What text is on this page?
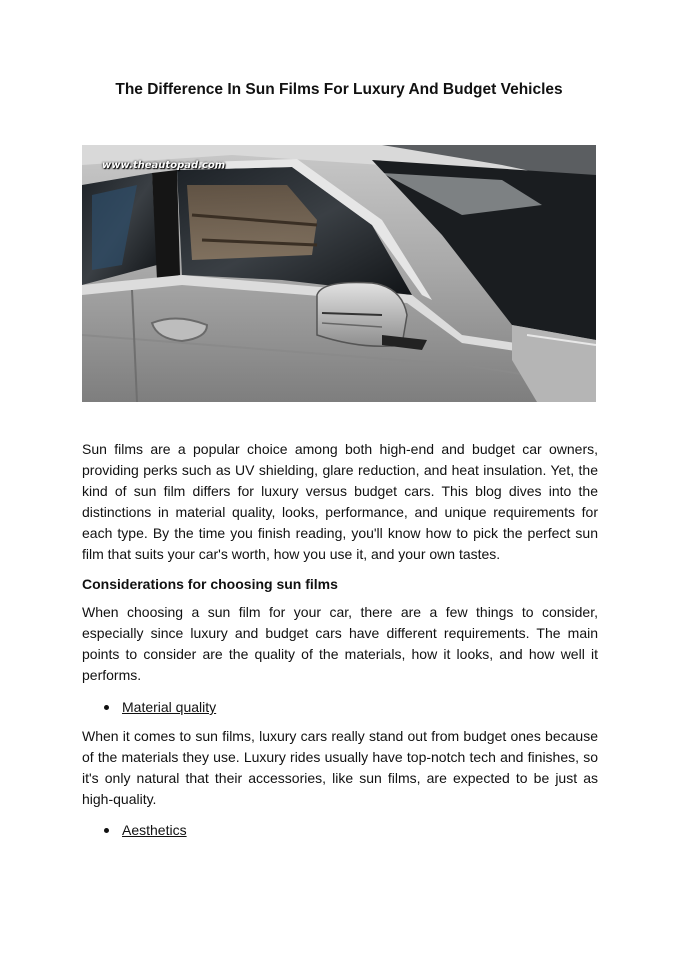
The Difference In Sun Films For Luxury And Budget Vehicles
www.theautopad.com

Sun films are a popular choice among both high-end and budget car owners, providing perks such as UV shielding, glare reduction, and heat insulation. Yet, the kind of sun film differs for luxury versus budget cars. This blog dives into the distinctions in material quality, looks, performance, and unique requirements for each type. By the time you finish reading, you'll know how to pick the perfect sun film that suits your car's worth, how you use it, and your own tastes.

Considerations for choosing sun films

When choosing a sun film for your car, there are a few things to consider, especially since luxury and budget cars have different requirements. The main points to consider are the quality of the materials, how it looks, and how well it performs.

Material quality

When it comes to sun films, luxury cars really stand out from budget ones because of the materials they use. Luxury rides usually have top-notch tech and finishes, so it's only natural that their accessories, like sun films, are expected to be just as high-quality.

Aesthetics
